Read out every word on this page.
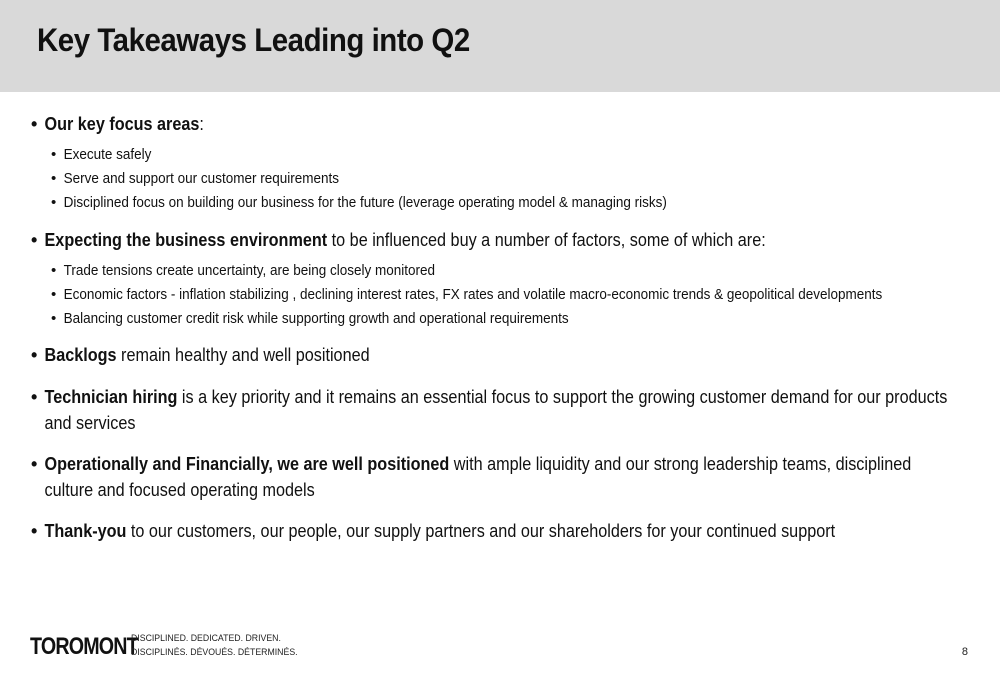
Key Takeaways Leading into Q2
• Our key focus areas:
• Execute safely
• Serve and support our customer requirements
• Disciplined focus on building our business for the future (leverage operating model & managing risks)
• Expecting the business environment to be influenced buy a number of factors, some of which are:
• Trade tensions create uncertainty, are being closely monitored
• Economic factors - inflation stabilizing , declining interest rates, FX rates and volatile macro-economic trends & geopolitical developments
• Balancing customer credit risk while supporting growth and operational requirements
• Backlogs remain healthy and well positioned
• Technician hiring is a key priority and it remains an essential focus to support the growing customer demand for our products and services
• Operationally and Financially, we are well positioned with ample liquidity and our strong leadership teams, disciplined culture and focused operating models
• Thank-you to our customers, our people, our supply partners and our shareholders for your continued support
TOROMONT
DISCIPLINED. DEDICATED. DRIVEN.
DISCIPLINÉS. DÉVOUÉS. DÉTERMINÉS.	8
